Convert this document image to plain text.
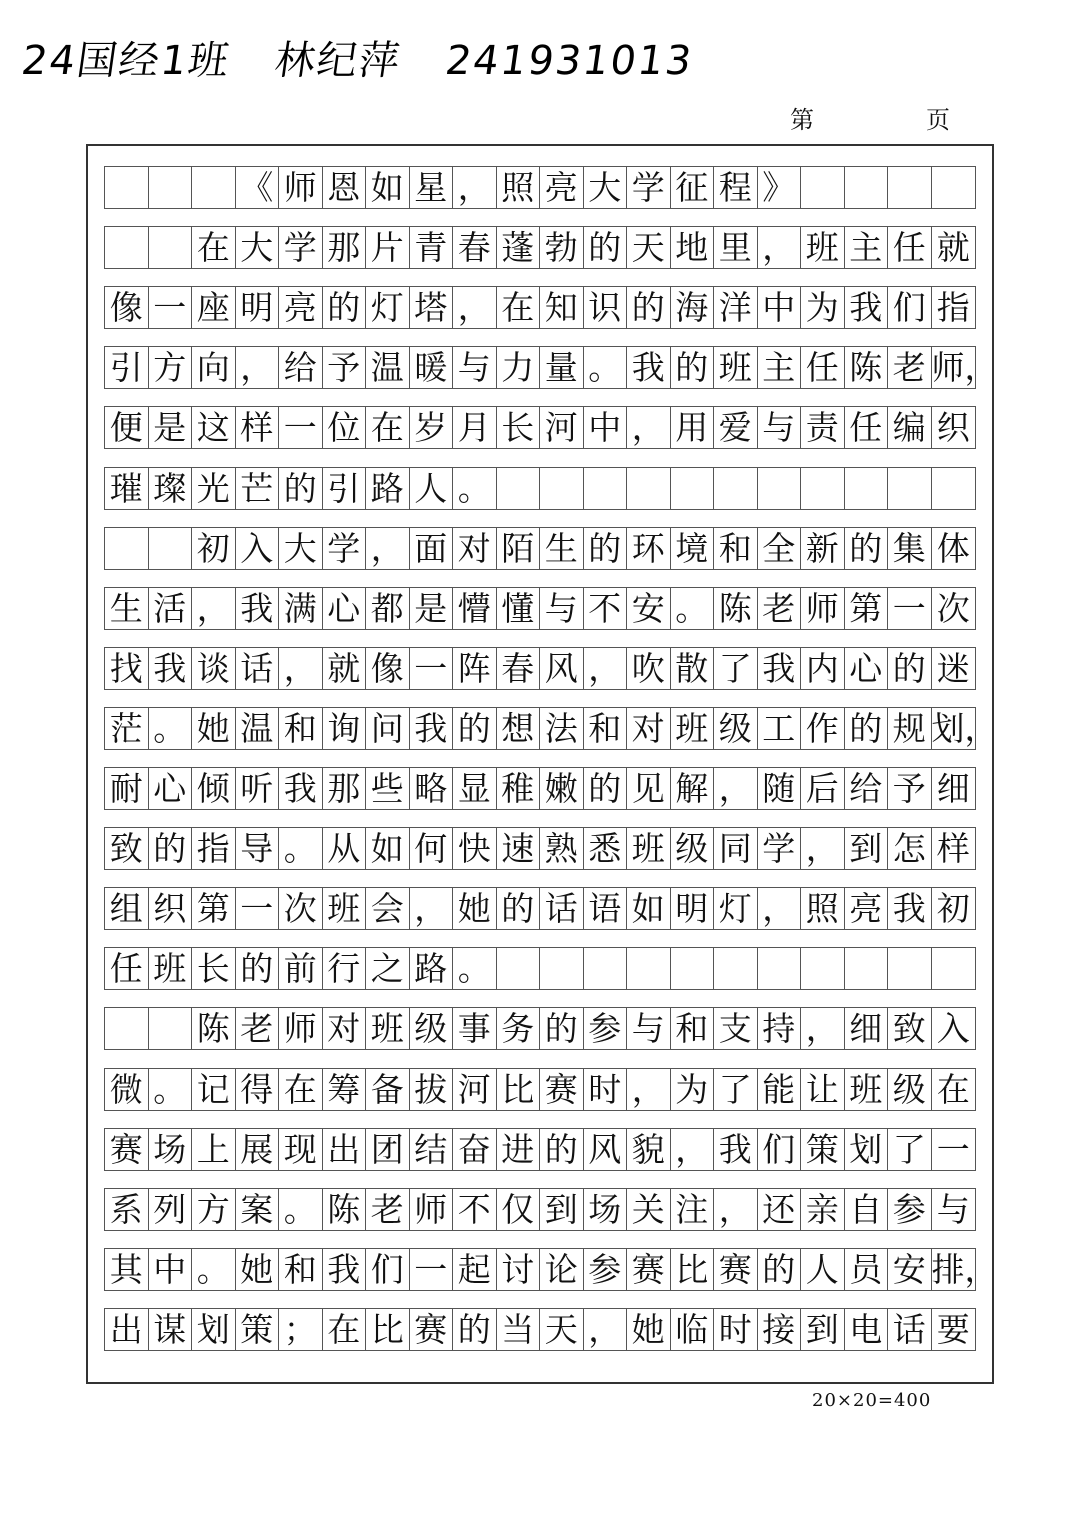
24国经1班 林纪萍 241931013
第	页
《 师 恩 如 星 ， 照 亮 大 学 征 程 》
在 大 学 那 片 青 春 蓬 勃 的 天 地 里 ， 班 主 任 就
像 一 座 明 亮 的 灯 塔 ， 在 知 识 的 海 洋 中 为 我 们 指
引 方 向 ， 给 予 温 暖 与 力 量 。 我 的 班 主 任 陈 老 师，
便 是 这 样 一 位 在 岁 月 长 河 中 ， 用 爱 与 责 任 编 织
璀 璨 光 芒 的 引 路 人 。
初 入 大 学 ， 面 对 陌 生 的 环 境 和 全 新 的 集 体
生 活 ， 我 满 心 都 是 懵 懂 与 不 安 。 陈 老 师 第 一 次
找 我 谈 话 ， 就 像 一 阵 春 风 ， 吹 散 了 我 内 心 的 迷
茫 。 她 温 和 询 问 我 的 想 法 和 对 班 级 工 作 的 规 划，
耐 心 倾 听 我 那 些 略 显 稚 嫩 的 见 解 ， 随 后 给 予 细
致 的 指 导 。 从 如 何 快 速 熟 悉 班 级 同 学 ， 到 怎 样
组 织 第 一 次 班 会 ， 她 的 话 语 如 明 灯 ， 照 亮 我 初
任 班 长 的 前 行 之 路 。
陈 老 师 对 班 级 事 务 的 参 与 和 支 持 ， 细 致 入
微 。 记 得 在 筹 备 拔 河 比 赛 时 ， 为 了 能 让 班 级 在
赛 场 上 展 现 出 团 结 奋 进 的 风 貌 ， 我 们 策 划 了 一
系 列 方 案 。 陈 老 师 不 仅 到 场 关 注 ， 还 亲 自 参 与
其 中 。 她 和 我 们 一 起 讨 论 参 赛 比 赛 的 人 员 安 排，
出 谋 划 策 ； 在 比 赛 的 当 天 ， 她 临 时 接 到 电 话 要
20×20=400
